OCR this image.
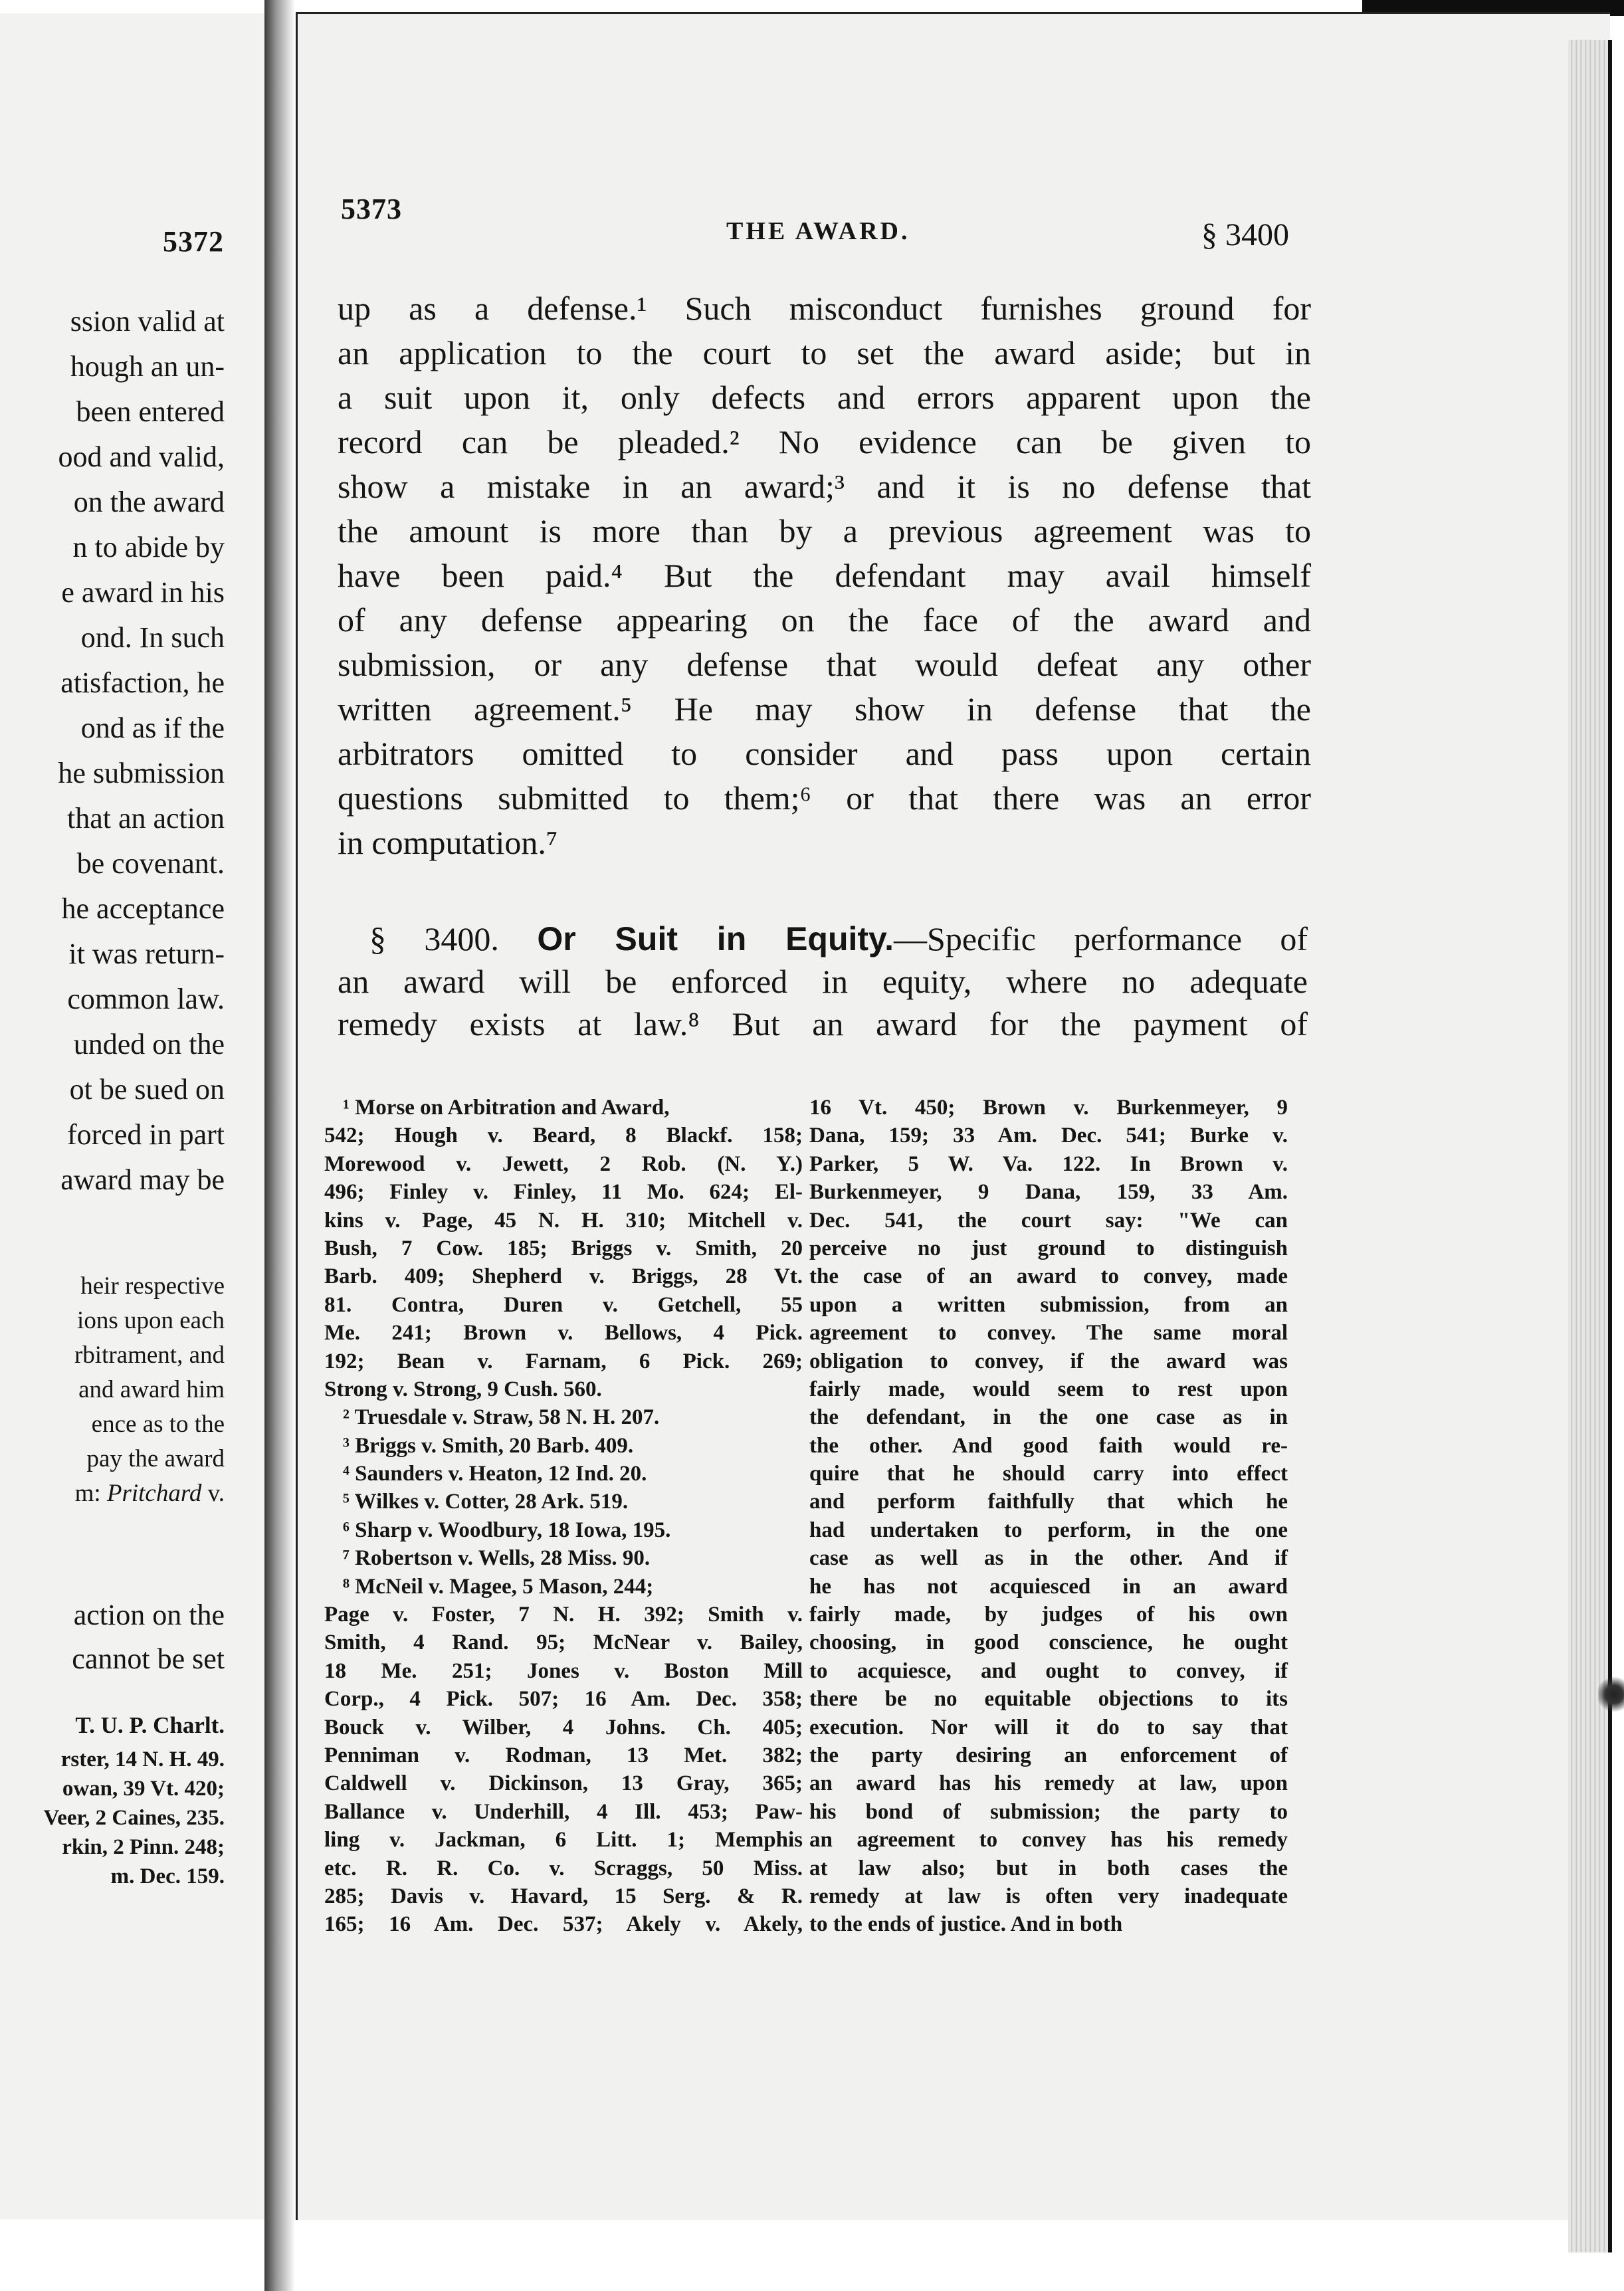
5372
ssion valid at
hough an un-
been entered
ood and valid,
on the award
n to abide by
e award in his
ond. In such
atisfaction, he
ond as if the
he submission
that an action
be covenant.
he acceptance
it was return-
common law.
unded on the
ot be sued on
forced in part
award may be
heir respective
ions upon each
rbitrament, and
and award him
ence as to the
pay the award
m: Pritchard v.
action on the
cannot be set
T. U. P. Charlt.
rster, 14 N. H. 49.
owan, 39 Vt. 420;
Veer, 2 Caines, 235.
rkin, 2 Pinn. 248;
m. Dec. 159.
5373
THE AWARD.	§ 3400
up as a defense.¹ Such misconduct furnishes ground for
an application to the court to set the award aside; but in
a suit upon it, only defects and errors apparent upon the
record can be pleaded.² No evidence can be given to
show a mistake in an award;³ and it is no defense that
the amount is more than by a previous agreement was to
have been paid.⁴ But the defendant may avail himself
of any defense appearing on the face of the award and
submission, or any defense that would defeat any other
written agreement.⁵ He may show in defense that the
arbitrators omitted to consider and pass upon certain
questions submitted to them;⁶ or that there was an error
in computation.⁷
§ 3400. Or Suit in Equity.—Specific performance of
an award will be enforced in equity, where no adequate
remedy exists at law.⁸ But an award for the payment of
¹ Morse on Arbitration and Award,
542; Hough v. Beard, 8 Blackf. 158;
Morewood v. Jewett, 2 Rob. (N. Y.)
496; Finley v. Finley, 11 Mo. 624; El-
kins v. Page, 45 N. H. 310; Mitchell v.
Bush, 7 Cow. 185; Briggs v. Smith, 20
Barb. 409; Shepherd v. Briggs, 28 Vt.
81. Contra, Duren v. Getchell, 55
Me. 241; Brown v. Bellows, 4 Pick.
192; Bean v. Farnam, 6 Pick. 269;
Strong v. Strong, 9 Cush. 560.
² Truesdale v. Straw, 58 N. H. 207.
³ Briggs v. Smith, 20 Barb. 409.
⁴ Saunders v. Heaton, 12 Ind. 20.
⁵ Wilkes v. Cotter, 28 Ark. 519.
⁶ Sharp v. Woodbury, 18 Iowa, 195.
⁷ Robertson v. Wells, 28 Miss. 90.
⁸ McNeil v. Magee, 5 Mason, 244;
Page v. Foster, 7 N. H. 392; Smith v.
Smith, 4 Rand. 95; McNear v. Bailey,
18 Me. 251; Jones v. Boston Mill
Corp., 4 Pick. 507; 16 Am. Dec. 358;
Bouck v. Wilber, 4 Johns. Ch. 405;
Penniman v. Rodman, 13 Met. 382;
Caldwell v. Dickinson, 13 Gray, 365;
Ballance v. Underhill, 4 Ill. 453; Paw-
ling v. Jackman, 6 Litt. 1; Memphis
etc. R. R. Co. v. Scraggs, 50 Miss.
285; Davis v. Havard, 15 Serg. & R.
165; 16 Am. Dec. 537; Akely v. Akely,
16 Vt. 450; Brown v. Burkenmeyer, 9
Dana, 159; 33 Am. Dec. 541; Burke v.
Parker, 5 W. Va. 122. In Brown v.
Burkenmeyer, 9 Dana, 159, 33 Am.
Dec. 541, the court say: "We can
perceive no just ground to distinguish
the case of an award to convey, made
upon a written submission, from an
agreement to convey. The same moral
obligation to convey, if the award was
fairly made, would seem to rest upon
the defendant, in the one case as in
the other. And good faith would re-
quire that he should carry into effect
and perform faithfully that which he
had undertaken to perform, in the one
case as well as in the other. And if
he has not acquiesced in an award
fairly made, by judges of his own
choosing, in good conscience, he ought
to acquiesce, and ought to convey, if
there be no equitable objections to its
execution. Nor will it do to say that
the party desiring an enforcement of
an award has his remedy at law, upon
his bond of submission; the party to
an agreement to convey has his remedy
at law also; but in both cases the
remedy at law is often very inadequate
to the ends of justice. And in both
